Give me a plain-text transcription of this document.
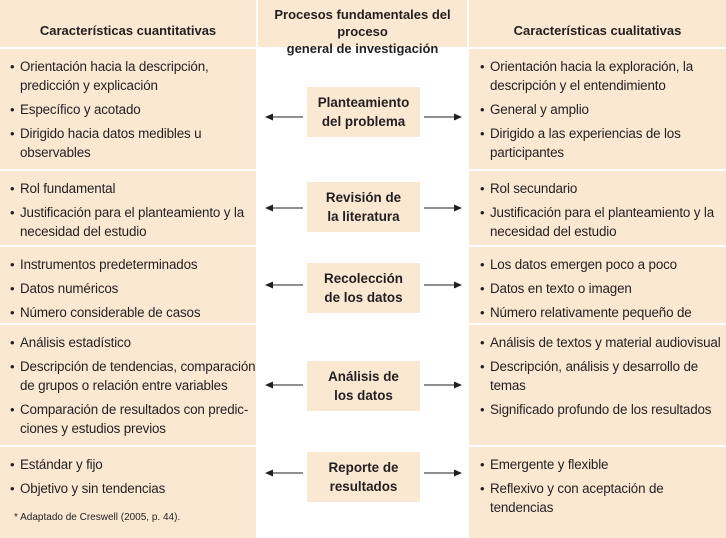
Características cuantitativas
Procesos fundamentales del proceso
general de investigación
Características cualitativas
• Orientación hacia la descripción,
predicción y explicación
• Específico y acotado
• Dirigido hacia datos medibles u
observables
• Orientación hacia la exploración, la
descripción y el entendimiento
• General y amplio
• Dirigido a las experiencias de los
participantes
Planteamiento
del problema
• Rol fundamental
• Justificación para el planteamiento y la
necesidad del estudio
• Rol secundario
• Justificación para el planteamiento y la
necesidad del estudio
Revisión de
la literatura
• Instrumentos predeterminados
• Datos numéricos
• Número considerable de casos
• Los datos emergen poco a poco
• Datos en texto o imagen
• Número relativamente pequeño de
Recolección
de los datos
• Análisis estadístico
• Descripción de tendencias, comparación
de grupos o relación entre variables
• Comparación de resultados con predic-
ciones y estudios previos
• Análisis de textos y material audiovisual
• Descripción, análisis y desarrollo de
temas
• Significado profundo de los resultados
Análisis de
los datos
• Estándar y fijo
• Objetivo y sin tendencias
• Emergente y flexible
• Reflexivo y con aceptación de tendencias
Reporte de
resultados
* Adaptado de Creswell (2005, p. 44).
